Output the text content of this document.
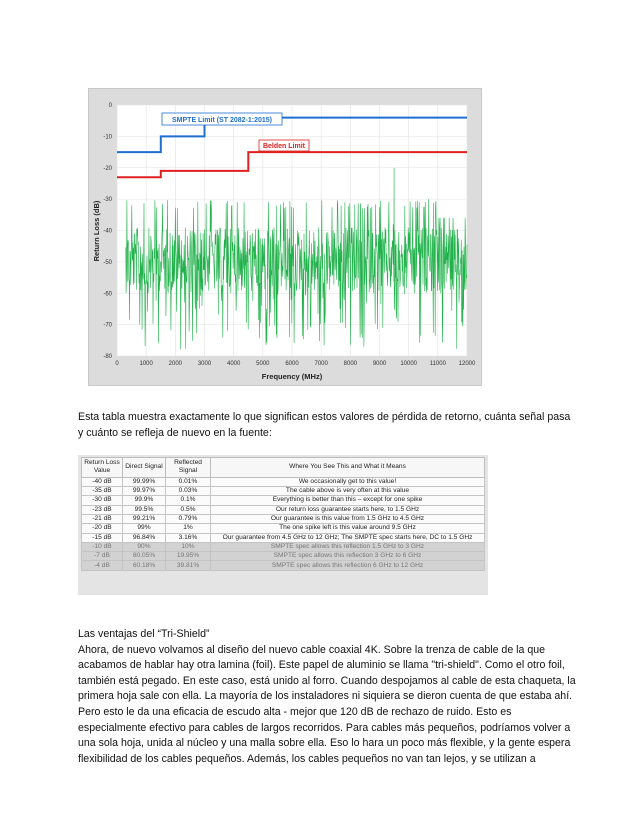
0	1000	2000	3000	4000	5000	6000	7000	8000	9000 10000 11000 12000
0
-10
-20
-30
-40
-50
-60
-70
-80
SMPTE Limit (ST 2082-1:2015)
Belden Limit
Frequency (MHz)
Return Loss (dB)
Esta tabla muestra exactamente lo que significan estos valores de pérdida de retorno, cuánta señal pasa
y cuánto se refleja de nuevo en la fuente:
Return Loss Value	Direct Signal	Reflected Signal	Where You See This and What it Means
-40 dB	99.99%	0.01%	We occasionally get to this value!
-35 dB	99.97%	0.03%	The cable above is very often at this value
-30 dB	99.9%	0.1%	Everything is better than this – except for one spike
-23 dB	99.5%	0.5%	Our return loss guarantee starts here, to 1.5 GHz
-21 dB	99.21%	0.79%	Our guarantee is this value from 1.5 GHz to 4.5 GHz
-20 dB	99%	1%	The one spike left is this value around 9.5 GHz
-15 dB	96.84%	3.16%	Our guarantee from 4.5 GHz to 12 GHz; The SMPTE spec starts here, DC to 1.5 GHz
-10 dB	90%	10%	SMPTE spec allows this reflection 1.5 GHz to 3 GHz
-7 dB	80.05%	19.95%	SMPTE spec allows this reflection 3 GHz to 6 GHz
-4 dB	60.18%	39.81%	SMPTE spec allows this reflection 6 GHz to 12 GHz
Las ventajas del “Tri-Shield”
Ahora, de nuevo volvamos al diseño del nuevo cable coaxial 4K. Sobre la trenza de cable de la que
acabamos de hablar hay otra lamina (foil). Este papel de aluminio se llama "tri-shield". Como el otro foil,
también está pegado. En este caso, está unido al forro. Cuando despojamos al cable de esta chaqueta, la
primera hoja sale con ella. La mayoría de los instaladores ni siquiera se dieron cuenta de que estaba ahí.
Pero esto le da una eficacia de escudo alta - mejor que 120 dB de rechazo de ruido. Esto es
especialmente efectivo para cables de largos recorridos. Para cables más pequeños, podríamos volver a
una sola hoja, unida al núcleo y una malla sobre ella. Eso lo hara un poco más flexible, y la gente espera
flexibilidad de los cables pequeños. Además, los cables pequeños no van tan lejos, y se utilizan a
